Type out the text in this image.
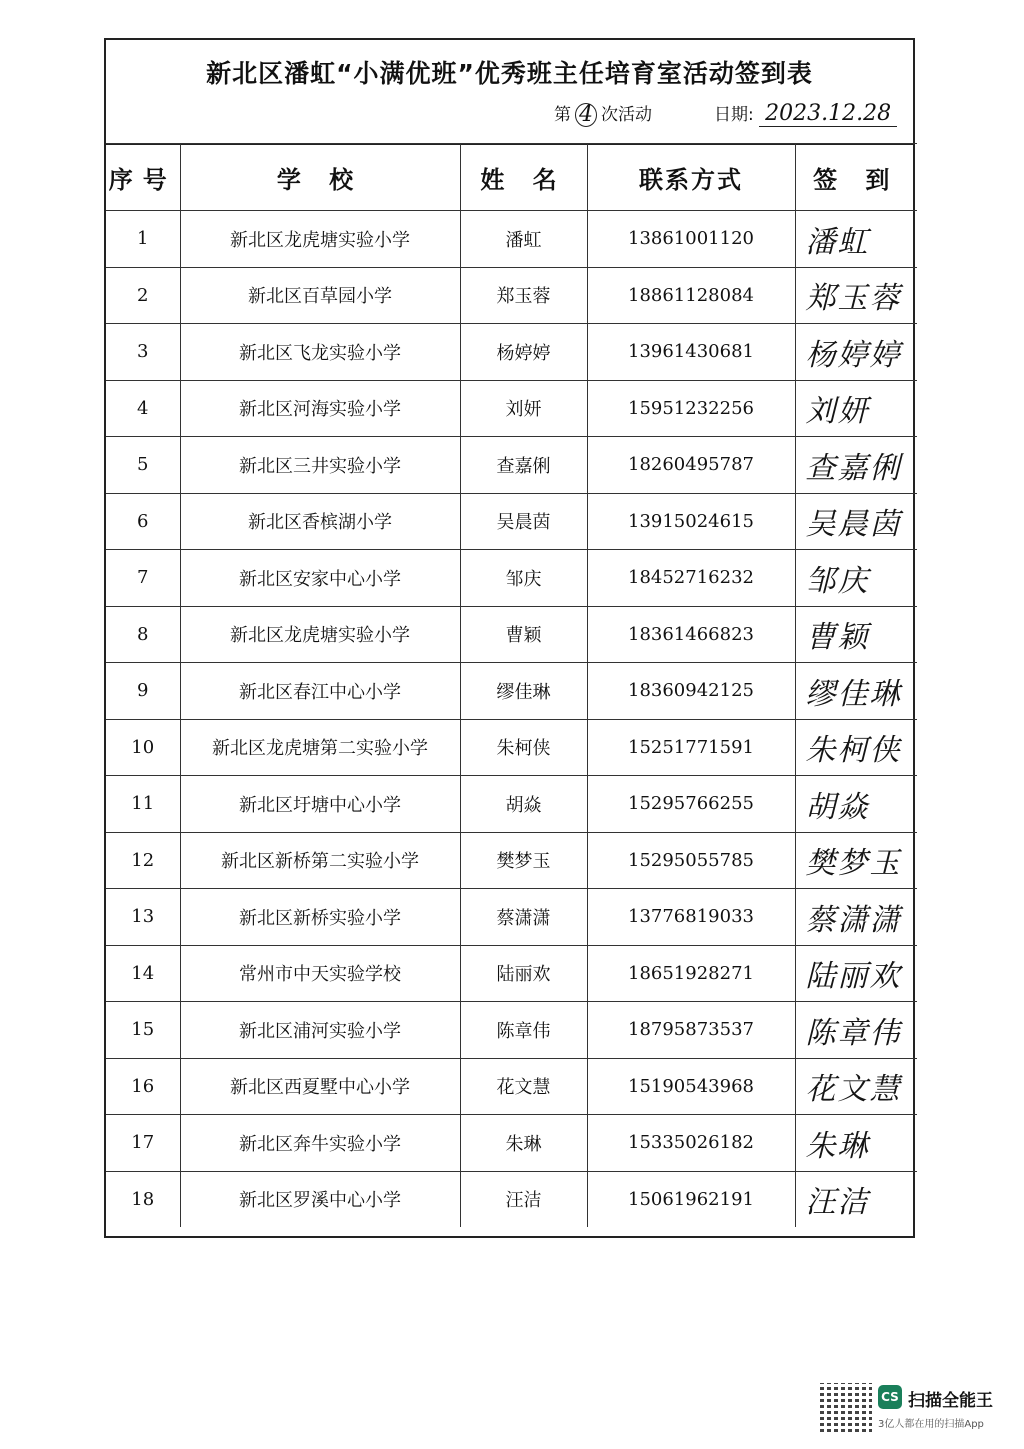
新北区潘虹“小满优班”优秀班主任培育室活动签到表
第 4 次活动	日期: 2023.12.28
序号	学 校	姓 名	联系方式	签 到
1	新北区龙虎塘实验小学	潘虹	13861001120	潘虹
2	新北区百草园小学	郑玉蓉	18861128084	郑玉蓉
3	新北区飞龙实验小学	杨婷婷	13961430681	杨婷婷
4	新北区河海实验小学	刘妍	15951232256	刘妍
5	新北区三井实验小学	查嘉俐	18260495787	查嘉俐
6	新北区香槟湖小学	吴晨茵	13915024615	吴晨茵
7	新北区安家中心小学	邹庆	18452716232	邹庆
8	新北区龙虎塘实验小学	曹颖	18361466823	曹颖
9	新北区春江中心小学	缪佳琳	18360942125	缪佳琳
10	新北区龙虎塘第二实验小学	朱柯侠	15251771591	朱柯侠
11	新北区圩塘中心小学	胡焱	15295766255	胡焱
12	新北区新桥第二实验小学	樊梦玉	15295055785	樊梦玉
13	新北区新桥实验小学	蔡潇潇	13776819033	蔡潇潇
14	常州市中天实验学校	陆丽欢	18651928271	陆丽欢
15	新北区浦河实验小学	陈章伟	18795873537	陈章伟
16	新北区西夏墅中心小学	花文慧	15190543968	花文慧
17	新北区奔牛实验小学	朱琳	15335026182	朱琳
18	新北区罗溪中心小学	汪洁	15061962191	汪洁
CS 扫描全能王
3亿人都在用的扫描App
